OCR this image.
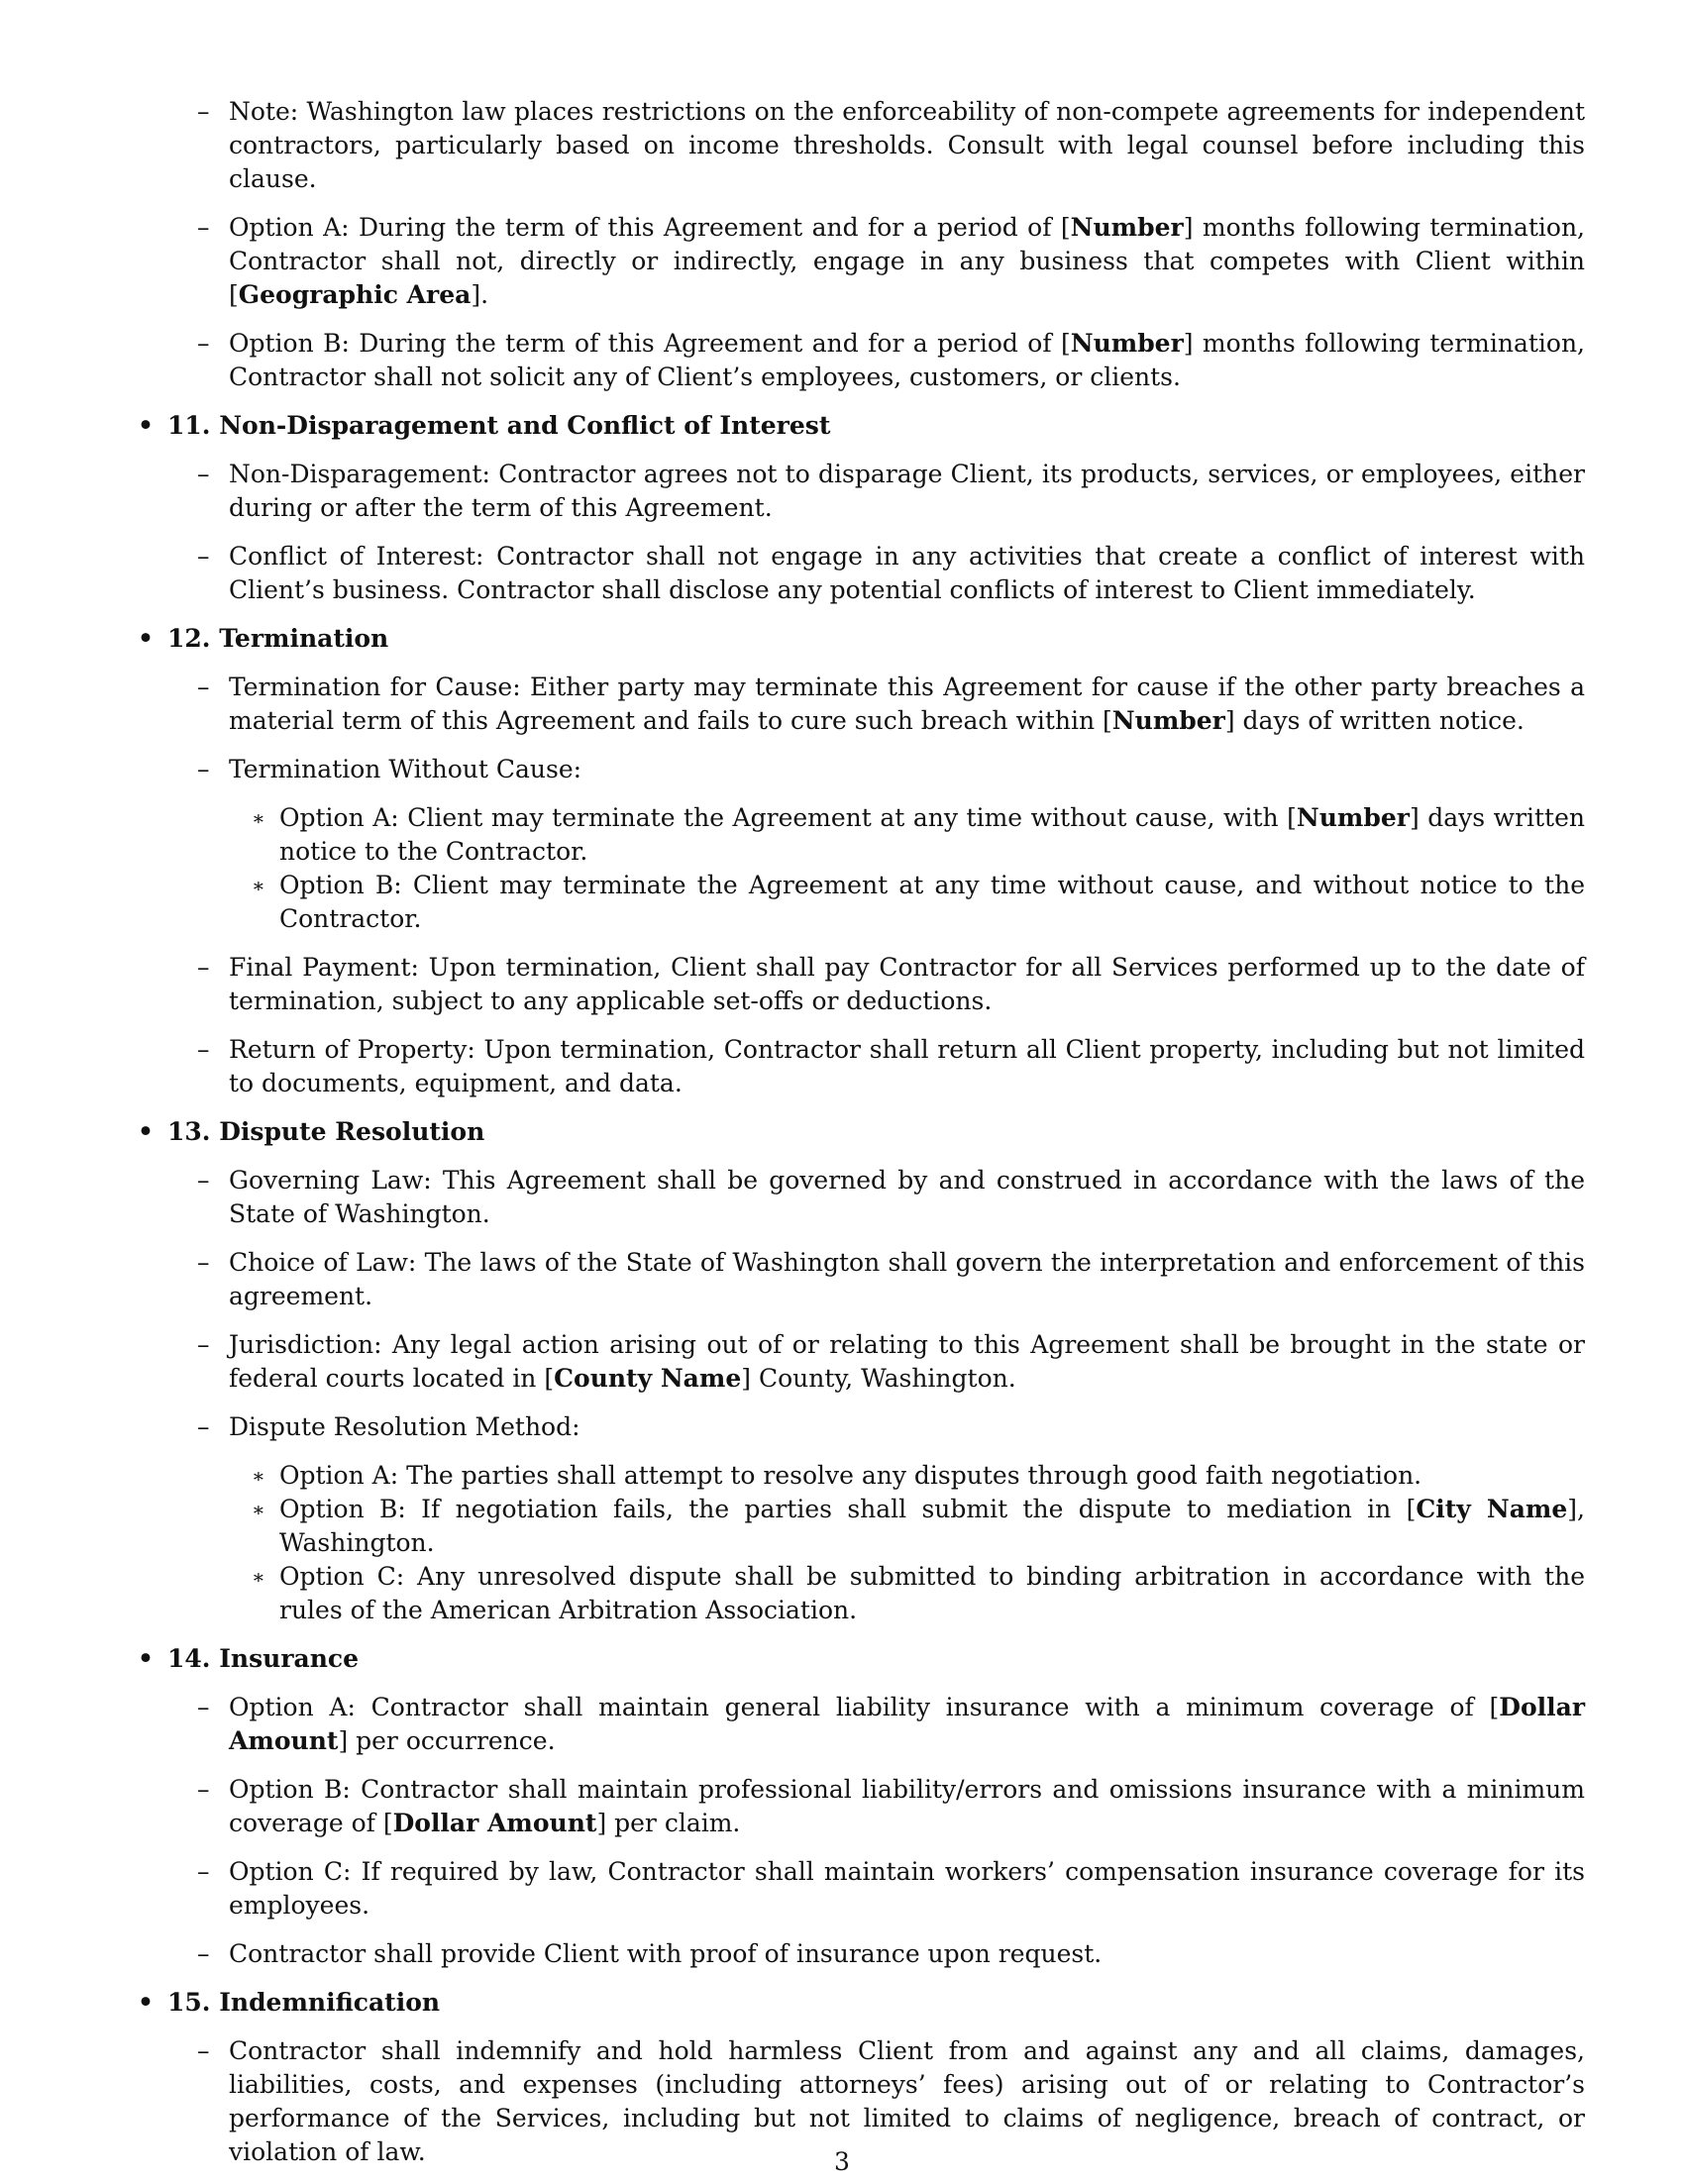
– Note: Washington law places restrictions on the enforceability of non-compete agreements for independent contractors, particularly based on income thresholds. Consult with legal counsel before including this clause.
– Option A: During the term of this Agreement and for a period of [Number] months following termination, Contractor shall not, directly or indirectly, engage in any business that competes with Client within [Geographic Area].
– Option B: During the term of this Agreement and for a period of [Number] months following termination, Contractor shall not solicit any of Client’s employees, customers, or clients.
• 11. Non-Disparagement and Conflict of Interest
– Non-Disparagement: Contractor agrees not to disparage Client, its products, services, or employees, either during or after the term of this Agreement.
– Conflict of Interest: Contractor shall not engage in any activities that create a conflict of interest with Client’s business. Contractor shall disclose any potential conflicts of interest to Client immediately.
• 12. Termination
– Termination for Cause: Either party may terminate this Agreement for cause if the other party breaches a material term of this Agreement and fails to cure such breach within [Number] days of written notice.
– Termination Without Cause:
∗ Option A: Client may terminate the Agreement at any time without cause, with [Number] days written notice to the Contractor.
∗ Option B: Client may terminate the Agreement at any time without cause, and without notice to the Contractor.
– Final Payment: Upon termination, Client shall pay Contractor for all Services performed up to the date of termination, subject to any applicable set-offs or deductions.
– Return of Property: Upon termination, Contractor shall return all Client property, including but not limited to documents, equipment, and data.
• 13. Dispute Resolution
– Governing Law: This Agreement shall be governed by and construed in accordance with the laws of the State of Washington.
– Choice of Law: The laws of the State of Washington shall govern the interpretation and enforcement of this agreement.
– Jurisdiction: Any legal action arising out of or relating to this Agreement shall be brought in the state or federal courts located in [County Name] County, Washington.
– Dispute Resolution Method:
∗ Option A: The parties shall attempt to resolve any disputes through good faith negotiation.
∗ Option B: If negotiation fails, the parties shall submit the dispute to mediation in [City Name], Washington.
∗ Option C: Any unresolved dispute shall be submitted to binding arbitration in accordance with the rules of the American Arbitration Association.
• 14. Insurance
– Option A: Contractor shall maintain general liability insurance with a minimum coverage of [Dollar Amount] per occurrence.
– Option B: Contractor shall maintain professional liability/errors and omissions insurance with a minimum coverage of [Dollar Amount] per claim.
– Option C: If required by law, Contractor shall maintain workers’ compensation insurance coverage for its employees.
– Contractor shall provide Client with proof of insurance upon request.
• 15. Indemnification
– Contractor shall indemnify and hold harmless Client from and against any and all claims, damages, liabilities, costs, and expenses (including attorneys’ fees) arising out of or relating to Contractor’s performance of the Services, including but not limited to claims of negligence, breach of contract, or violation of law.	3
